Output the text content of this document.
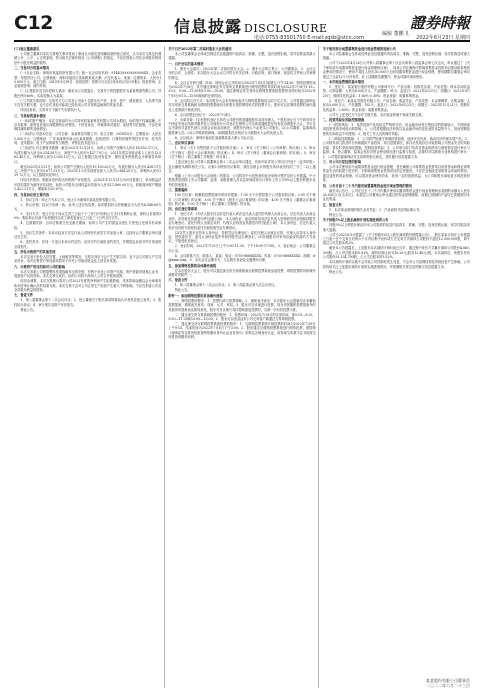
C12	信息披露 DISCLOSURE	證券時報
编辑 董鹏飞
电话:0755-83501750 E-mail:zqsb@stcn.com	2022年6月23日 星期四

(三)独立董事意见

公司独立董事对本次交易相关事项发表了事前认可意见及明确同意的独立意见，认为本次交易定价遵循公开、公平、公正的原则，符合相关法律法规及《公司章程》的规定，不存在损害公司及全体股东特别是中小股东利益的情形。

二、交易对方的基本情况

(一)企业名称：深圳市某某投资有限公司；统一社会信用代码：9144030000000000XX；企业类型：有限责任公司；注册地址：深圳市福田区某某路某某大厦；法定代表人：某某；注册资本：人民币10,000万元；成立日期：2015年3月18日；经营范围：投资兴办实业(具体项目另行申报)；投资咨询；企业管理咨询；国内贸易。

(二)主要股东及实际控制人情况：截至本公告披露日，交易对方的控股股东为某某集团有限公司，持股比例为60%，实际控制人为某某。

(三)关联关系说明：交易对方与公司及公司前十名股东在产权、业务、资产、债权债务、人员等方面不存在关联关系，也不存在其他可能或已经造成公司对其利益倾斜的其他关系。

(四)经查询，交易对方不属于失信被执行人。

三、交易标的基本情况

(一)标的资产概况：本次交易标的为公司持有的某某科技有限公司51%股权。标的资产权属清晰，不存在抵押、质押及其他任何限制转让的情况，不涉及诉讼、仲裁事项或查封、冻结等司法措施，不存在妨碍权属转移的其他情况。

(二)标的公司基本信息：公司名称：某某科技有限公司；成立日期：2018年6月；注册资本：人民币5,000万元；注册地址：广东省深圳市南山区某某街道；经营范围：计算机软硬件的技术开发、技术咨询、技术服务；电子产品的研发与销售；货物及技术进出口。

(三)标的公司主要财务数据：截至2021年12月31日，标的公司资产总额为人民币18,652.37万元，负债总额为人民币9,214.58万元，净资产为人民币9,437.79万元；2021年度实现营业收入人民币12,583.46万元，净利润人民币1,026.15万元。以上数据已经具有证券、期货业务资格的会计师事务所审计。

截至2022年3月31日，标的公司资产总额为人民币19,105.62万元，负债总额为人民币9,428.11万元，净资产为人民币9,677.51万元；2022年1-3月实现营业收入人民币2,964.20万元，净利润人民币239.72万元。以上数据未经审计。

(四)评估情况：根据评估机构出具的资产评估报告，以2021年12月31日为评估基准日，采用收益法评估结果作为最终评估结论，标的公司股东全部权益评估值为人民币11,860.00万元，较账面净资产增值2,422.21万元，增值率为25.67%。

四、交易协议的主要内容

1、协议主体：转让方为本公司，受让方为深圳市某某投资有限公司。

2、转让价格：经双方协商一致，参考上述评估结果，标的股权转让价格确定为人民币6,048.60万元。

3、支付方式：受让方应于协议生效之日起十个工作日内向转让方支付首期转让款，即转让价款的50%；剩余转让价款于标的股权完成工商变更登记之日起三十日内支付完毕。

4、过渡期安排：自评估基准日至交割日期间，标的公司产生的损益由受让方按受让比例享有或承担。

5、协议生效条件：本协议经双方法定代表人或授权代表签字并加盖公章，且经转让方董事会审议通过后生效。

6、违约责任：任何一方违反本协议约定的，应向守约方承担违约责任，并赔偿由此给守约方造成的全部损失。

五、涉及出售资产的其他安排

本次交易不涉及人员安置、土地租赁等情况，交易完成后不会产生关联交易，也不会与关联人产生同业竞争。本次出售资产所得款项将用于补充公司流动资金及主营业务发展。

六、出售资产的目的和对公司的影响

本次交易系公司根据整体发展战略作出的安排，有利于优化公司资产结构，集中资源发展核心业务，提高资产运营效率。本次交易完成后，标的公司将不再纳入公司合并报表范围。

经初步测算，本次交易预计将对公司2022年度的净利润产生积极影响，具体影响金额以会计师事务所年度审计确认后的结果为准。本次交易不会对公司正常生产经营产生重大不利影响，不存在损害公司及全体股东利益的情形。

七、备查文件

1、第八届董事会第十二次会议决议；2、独立董事关于相关事项的事前认可意见及独立意见；3、股权转让协议；4、审计报告及资产评估报告。

特此公告。

关于召开2022年第二次临时股东大会的通知

本公司及董事会全体成员保证信息披露的内容真实、准确、完整，没有虚假记载、误导性陈述或重大遗漏。

一、召开会议的基本情况

1、股东大会届次：2022年第二次临时股东大会。2、股东大会的召集人：公司董事会。3、会议召开的合法、合规性：本次股东大会会议召开符合有关法律、行政法规、部门规章、规范性文件和公司章程的规定。

4、会议召开的日期、时间：现场会议召开时间为2022年7月8日(星期五)下午14:30；网络投票时间为2022年7月8日，其中通过深圳证券交易所交易系统进行网络投票的具体时间为2022年7月8日9:15—9:25，9:30—11:30和13:00—15:00；通过深圳证券交易所互联网投票系统投票的具体时间为2022年7月8日9:15—15:00期间的任意时间。

5、会议的召开方式：本次股东大会采用现场表决与网络投票相结合的方式召开。公司将通过深圳证券交易所交易系统和互联网投票系统向全体股东提供网络形式的投票平台，股东可以在网络投票时间内通过上述系统行使表决权。

6、会议的股权登记日：2022年7月4日。

7、出席对象：(1)在股权登记日持有公司股份的普通股股东或其代理人。于股权登记日下午收市时在中国证券登记结算有限责任公司深圳分公司登记在册的公司全体普通股股东均有权出席股东大会，并可以以书面形式委托代理人出席会议和参加表决，该股东代理人不必是本公司股东。(2)公司董事、监事和高级管理人员。(3)公司聘请的律师。(4)根据相关法规应当出席股东大会的其他人员。

8、会议地点：深圳市福田区某某路某某大厦公司会议室。

二、会议审议事项

1、审议《关于出售控股子公司股权的议案》；2、审议《关于修订〈公司章程〉的议案》；3、审议《关于修订〈股东大会议事规则〉的议案》；4、审议《关于修订〈董事会议事规则〉的议案》；5、审议《关于修订〈独立董事工作制度〉的议案》。

上述议案已经公司第八届董事会第十二次会议审议通过，具体内容详见公司同日刊登于《证券时报》及巨潮资讯网的相关公告。议案2为特别决议事项，须经出席会议的股东所持表决权的三分之二以上通过。

根据《上市公司股东大会规则》的要求，公司将对中小投资者的表决单独计票并及时公开披露。中小投资者是指除上市公司董事、监事、高级管理人员以及单独或者合计持有上市公司5%以上股份的股东以外的其他股东。

三、提案编码

100 总议案：除累积投票提案外的所有提案；1.00 关于出售控股子公司股权的议案；2.00 关于修订《公司章程》的议案；3.00 关于修订《股东大会议事规则》的议案；4.00 关于修订《董事会议事规则》的议案；5.00 关于修订《独立董事工作制度》的议案。

四、会议登记等事项

1、登记方式：(1)法人股东应由法定代表人或法定代表人委托的代理人出席会议。法定代表人出席会议的，应持营业执照复印件(加盖公章)、本人身份证、能证明其具有法定代表人资格的有效证明和持股凭证办理登记；委托代理人出席会议的，代理人应持营业执照复印件(加盖公章)、本人身份证、法定代表人依法出具的书面授权委托书和持股凭证办理登记。

(2)自然人股东应持本人身份证、持股凭证办理登记；委托代理人出席会议的，代理人应持本人身份证、授权委托书、委托人身份证复印件和持股凭证办理登记。(3)异地股东可采用信函或传真的方式登记，不接受电话登记。

2、登记时间：2022年7月5日(上午9:00-11:30，下午14:00-17:00)。3、登记地点：公司董事会办公室。

4、会议联系方式：联系人：某某；电话：0755-8888XXXX；传真：0755-8888XXXX；邮箱：ir@xxxx.com。5、本次会议会期半天，与会股东食宿及交通费用自理。

五、参加网络投票的具体操作流程

在本次股东大会上，股东可以通过深交所交易系统和互联网投票系统参加投票，网络投票的具体操作流程详见附件一。

六、备查文件

1、第八届董事会第十二次会议决议；2、第八届监事会第九次会议决议。

特此公告。

附件一：参加网络投票的具体操作流程

一、网络投票的程序：1、投票代码与投票简称。2、填报表决意见：本次股东大会提案均为非累积投票提案，填报表决意见：同意、反对、弃权。3、股东对总议案进行投票，视为对除累积投票提案外的其他所有提案表达相同意见。股东对总议案与具体提案重复投票时，以第一次有效投票为准。

二、通过深交所交易系统投票的程序：1、投票时间：2022年7月8日的交易时间，即9:15—9:25，9:30—11:30和13:00—15:00。2、股东可以登录证券公司交易客户端通过交易系统投票。

三、通过深交所互联网投票系统投票的程序：1、互联网投票系统开始投票的时间为2022年7月8日上午9:15，结束时间为2022年7月8日下午3:00。2、股东通过互联网投票系统进行网络投票，需按照《深圳证券交易所投资者网络服务身份认证业务指引》的规定办理身份认证，取得深交所数字证书或深交所投资者服务密码。

关于使用部分闲置募集资金进行现金管理的进展公告

本公司及董事会全体成员保证信息披露的内容真实、准确、完整，没有虚假记载、误导性陈述或重大遗漏。

公司于2022年4月26日召开第八届董事会第十次会议和第八届监事会第七次会议，审议通过了《关于使用部分闲置募集资金进行现金管理的议案》，同意公司在确保不影响募集资金投资项目建设和募集资金使用的情况下，使用不超过人民币30,000万元的闲置募集资金进行现金管理，使用期限自董事会审议通过之日起12个月内有效，在上述额度及期限内，资金可循环滚动使用。

一、本次现金管理的基本情况

1、受托方：某某银行股份有限公司深圳分行；产品名称：结构性存款；产品类型：保本浮动收益型；认购金额：人民币8,000万元；产品期限：91天；起息日：2022年6月21日；到期日：2022年9月20日；预期年化收益率：1.60%-3.30%；资金来源：闲置募集资金。

2、受托方：某某证券股份有限公司；产品名称：收益凭证；产品类型：本金保障型；认购金额：人民币5,000万元；产品期限：182天；起息日：2022年6月22日；到期日：2022年12月21日；预期年化收益率：2.80%；资金来源：闲置募集资金。

公司与上述受托方不存在关联关系，本次现金管理不构成关联交易。

二、投资风险及风险控制措施

(一)投资风险：1、虽然投资产品均经过严格的评估，但金融市场受宏观经济的影响较大，不排除该项投资受到市场波动的影响；2、公司将根据经济形势以及金融市场的变化适时适量的介入，因此短期投资的实际收益不可预期；3、相关工作人员的操作风险。

(二)风险控制措施：1、公司将严格遵守审慎投资原则，选择安全性高、流动性好的保本型产品；2、公司财务部门将及时分析和跟踪产品投向、项目进展情况，如评估发现存在可能影响公司资金安全的风险因素，将及时采取相应措施，控制投资风险；3、公司审计部门负责对资金的使用与保管情况进行审计与监督；4、独立董事、监事会有权对资金使用情况进行监督与检查，必要时可以聘请专业机构进行审计；5、公司将依据深圳证券交易所的相关规定，及时履行信息披露义务。

三、对公司日常经营的影响

公司本次使用部分闲置募集资金进行现金管理，是在确保公司募集资金投资项目所需资金和保证募集资金安全的前提下进行的，不影响募集资金投资项目的正常建设，不存在变相改变募集资金用途的情况。通过适度的现金管理，可以提高资金使用效率，获得一定的投资收益，为公司和股东谋取更多的投资回报。

四、公告日前十二个月内使用闲置募集资金进行现金管理的情况

截至本公告日，公司在过去十二个月内累计使用闲置募集资金进行现金管理尚未到期的余额为人民币26,000万元(含本次)，未超过公司董事会审议通过的现金管理额度。前期已到期的产品均已按期收回本金及收益。

五、备查文件

1、本次现金管理的相关业务凭证；2、产品说明书及风险揭示书。

特此公告。

关于持股5%以上股东减持计划实施进展的公告

持股5%以上的股东保证向本公司提供的信息内容真实、准确、完整，没有虚假记载、误导性陈述或重大遗漏。

公司于2022年3月披露了《关于持股5%以上股东减持股份预披露公告》，股东某某计划在公告披露之日起十五个交易日后的六个月内以集中竞价或大宗交易方式减持公司股份不超过12,000,000股，即不超过公司总股本的2%。

截至本公告披露日，上述股东本次减持计划时间已过半，通过集中竞价方式累计减持公司股份4,865,300股，占公司总股本的0.81%，减持价格区间为10.26元/股至12.48元/股。本次减持后，该股东持有公司股份33,134,700股，占公司总股本的5.52%。

本次减持计划的实施不会导致公司控制权发生变更，不会对公司治理结构及持续经营产生影响。公司将持续关注上述股东减持计划的实施进展情况，并按照相关规定及时履行信息披露义务。

特此公告。

某某股份有限公司董事会
二〇二二年六月二十三日
